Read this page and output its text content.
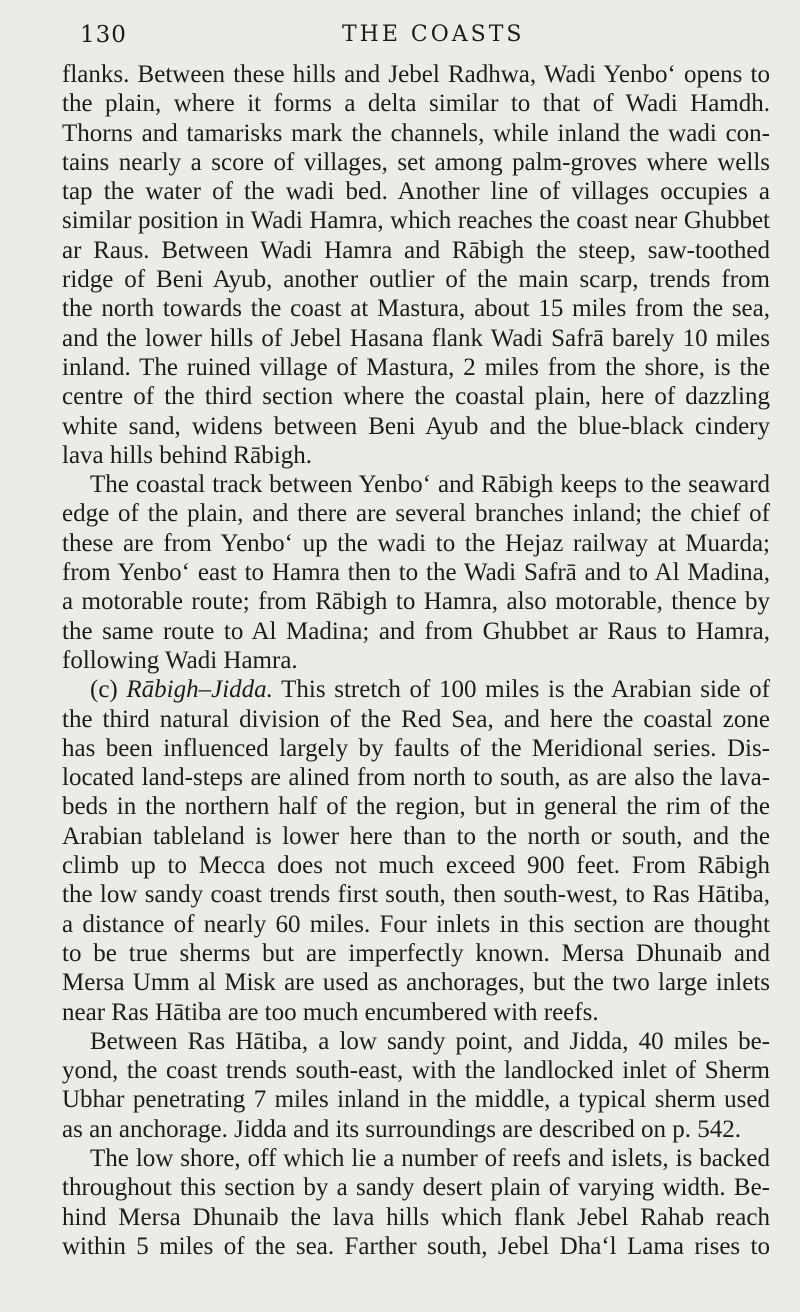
130	THE COASTS
flanks. Between these hills and Jebel Radhwa, Wadi Yenbo‘ opens to
the plain, where it forms a delta similar to that of Wadi Hamdh.
Thorns and tamarisks mark the channels, while inland the wadi con-
tains nearly a score of villages, set among palm-groves where wells
tap the water of the wadi bed. Another line of villages occupies a
similar position in Wadi Hamra, which reaches the coast near Ghubbet
ar Raus. Between Wadi Hamra and Rābigh the steep, saw-toothed
ridge of Beni Ayub, another outlier of the main scarp, trends from
the north towards the coast at Mastura, about 15 miles from the sea,
and the lower hills of Jebel Hasana flank Wadi Safrā barely 10 miles
inland. The ruined village of Mastura, 2 miles from the shore, is the
centre of the third section where the coastal plain, here of dazzling
white sand, widens between Beni Ayub and the blue-black cindery
lava hills behind Rābigh.
The coastal track between Yenbo‘ and Rābigh keeps to the seaward
edge of the plain, and there are several branches inland; the chief of
these are from Yenbo‘ up the wadi to the Hejaz railway at Muarda;
from Yenbo‘ east to Hamra then to the Wadi Safrā and to Al Madina,
a motorable route; from Rābigh to Hamra, also motorable, thence by
the same route to Al Madina; and from Ghubbet ar Raus to Hamra,
following Wadi Hamra.
(c) Rābigh–Jidda. This stretch of 100 miles is the Arabian side of
the third natural division of the Red Sea, and here the coastal zone
has been influenced largely by faults of the Meridional series. Dis-
located land-steps are alined from north to south, as are also the lava-
beds in the northern half of the region, but in general the rim of the
Arabian tableland is lower here than to the north or south, and the
climb up to Mecca does not much exceed 900 feet. From Rābigh
the low sandy coast trends first south, then south-west, to Ras Hātiba,
a distance of nearly 60 miles. Four inlets in this section are thought
to be true sherms but are imperfectly known. Mersa Dhunaib and
Mersa Umm al Misk are used as anchorages, but the two large inlets
near Ras Hātiba are too much encumbered with reefs.
Between Ras Hātiba, a low sandy point, and Jidda, 40 miles be-
yond, the coast trends south-east, with the landlocked inlet of Sherm
Ubhar penetrating 7 miles inland in the middle, a typical sherm used
as an anchorage. Jidda and its surroundings are described on p. 542.
The low shore, off which lie a number of reefs and islets, is backed
throughout this section by a sandy desert plain of varying width. Be-
hind Mersa Dhunaib the lava hills which flank Jebel Rahab reach
within 5 miles of the sea. Farther south, Jebel Dha‘l Lama rises to
